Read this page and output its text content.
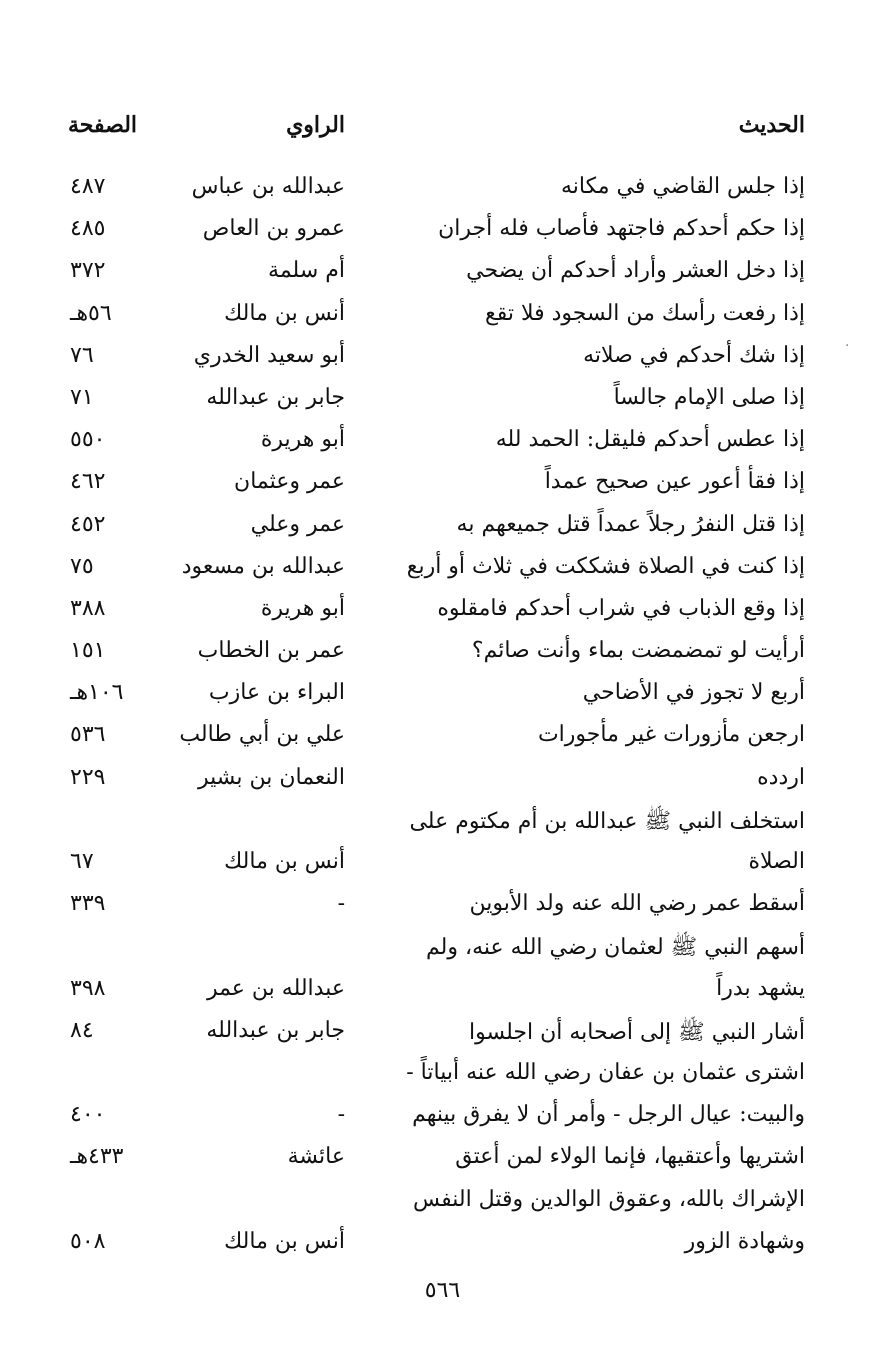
الحديث
الراوي
الصفحة
إذا جلس القاضي في مكانه
عبدالله بن عباس
٤٨٧
إذا حكم أحدكم فاجتهد فأصاب فله أجران
عمرو بن العاص
٤٨٥
إذا دخل العشر وأراد أحدكم أن يضحي
أم سلمة
٣٧٢
إذا رفعت رأسك من السجود فلا تقع
أنس بن مالك
٥٦هـ
إذا شك أحدكم في صلاته
أبو سعيد الخدري
٧٦
إذا صلى الإمام جالساً
جابر بن عبدالله
٧١
إذا عطس أحدكم فليقل: الحمد لله
أبو هريرة
٥٥٠
إذا فقأ أعور عين صحيح عمداً
عمر وعثمان
٤٦٢
إذا قتل النفرُ رجلاً عمداً قتل جميعهم به
عمر وعلي
٤٥٢
إذا كنت في الصلاة فشككت في ثلاث أو أربع
عبدالله بن مسعود
٧٥
إذا وقع الذباب في شراب أحدكم فامقلوه
أبو هريرة
٣٨٨
أرأيت لو تمضمضت بماء وأنت صائم؟
عمر بن الخطاب
١٥١
أربع لا تجوز في الأضاحي
البراء بن عازب
١٠٦هـ
ارجعن مأزورات غير مأجورات
علي بن أبي طالب
٥٣٦
اردده
النعمان بن بشير
٢٢٩
استخلف النبي ﷺ عبدالله بن أم مكتوم على
الصلاة
أنس بن مالك
٦٧
أسقط عمر رضي الله عنه ولد الأبوين
-
٣٣٩
أسهم النبي ﷺ لعثمان رضي الله عنه، ولم
يشهد بدراً
عبدالله بن عمر
٣٩٨
أشار النبي ﷺ إلى أصحابه أن اجلسوا
جابر بن عبدالله
٨٤
اشترى عثمان بن عفان رضي الله عنه أبياتاً -
والبيت: عيال الرجل - وأمر أن لا يفرق بينهم
-
٤٠٠
اشتريها وأعتقيها، فإنما الولاء لمن أعتق
عائشة
٤٣٣هـ
الإشراك بالله، وعقوق الوالدين وقتل النفس
وشهادة الزور
أنس بن مالك
٥٠٨
·
٥٦٦
